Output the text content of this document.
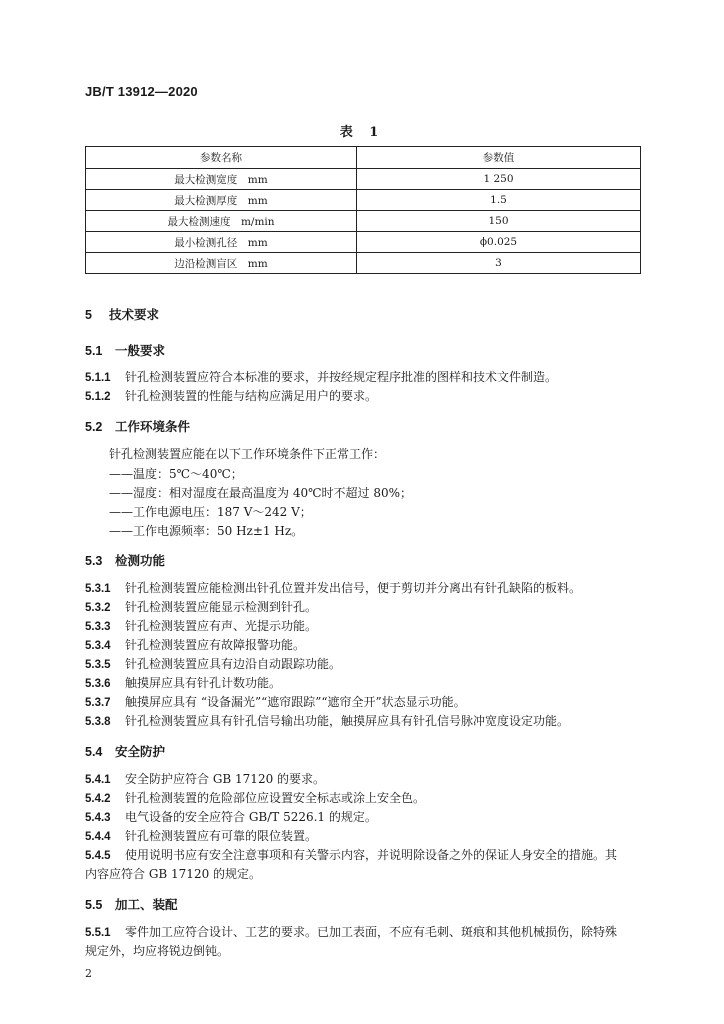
JB/T 13912—2020
表 1
参数名称	参数值
最大检测宽度　mm	1 250
最大检测厚度　mm	1.5
最大检测速度　m/min	150
最小检测孔径　mm	ϕ0.025
边沿检测盲区　mm	3
5 技术要求
5.1 一般要求
5.1.1 针孔检测装置应符合本标准的要求，并按经规定程序批准的图样和技术文件制造。
5.1.2 针孔检测装置的性能与结构应满足用户的要求。
5.2 工作环境条件
针孔检测装置应能在以下工作环境条件下正常工作：
——温度：5℃～40℃；
——湿度：相对湿度在最高温度为 40℃时不超过 80%；
——工作电源电压：187 V～242 V；
——工作电源频率：50 Hz±1 Hz。
5.3 检测功能
5.3.1 针孔检测装置应能检测出针孔位置并发出信号，便于剪切并分离出有针孔缺陷的板料。
5.3.2 针孔检测装置应能显示检测到针孔。
5.3.3 针孔检测装置应有声、光提示功能。
5.3.4 针孔检测装置应有故障报警功能。
5.3.5 针孔检测装置应具有边沿自动跟踪功能。
5.3.6 触摸屏应具有针孔计数功能。
5.3.7 触摸屏应具有 “设备漏光”“遮帘跟踪”“遮帘全开”状态显示功能。
5.3.8 针孔检测装置应具有针孔信号输出功能，触摸屏应具有针孔信号脉冲宽度设定功能。
5.4 安全防护
5.4.1 安全防护应符合 GB 17120 的要求。
5.4.2 针孔检测装置的危险部位应设置安全标志或涂上安全色。
5.4.3 电气设备的安全应符合 GB/T 5226.1 的规定。
5.4.4 针孔检测装置应有可靠的限位装置。
5.4.5 使用说明书应有安全注意事项和有关警示内容，并说明除设备之外的保证人身安全的措施。其
内容应符合 GB 17120 的规定。
5.5 加工、装配
5.5.1 零件加工应符合设计、工艺的要求。已加工表面，不应有毛刺、斑痕和其他机械损伤，除特殊
规定外，均应将锐边倒钝。
2
